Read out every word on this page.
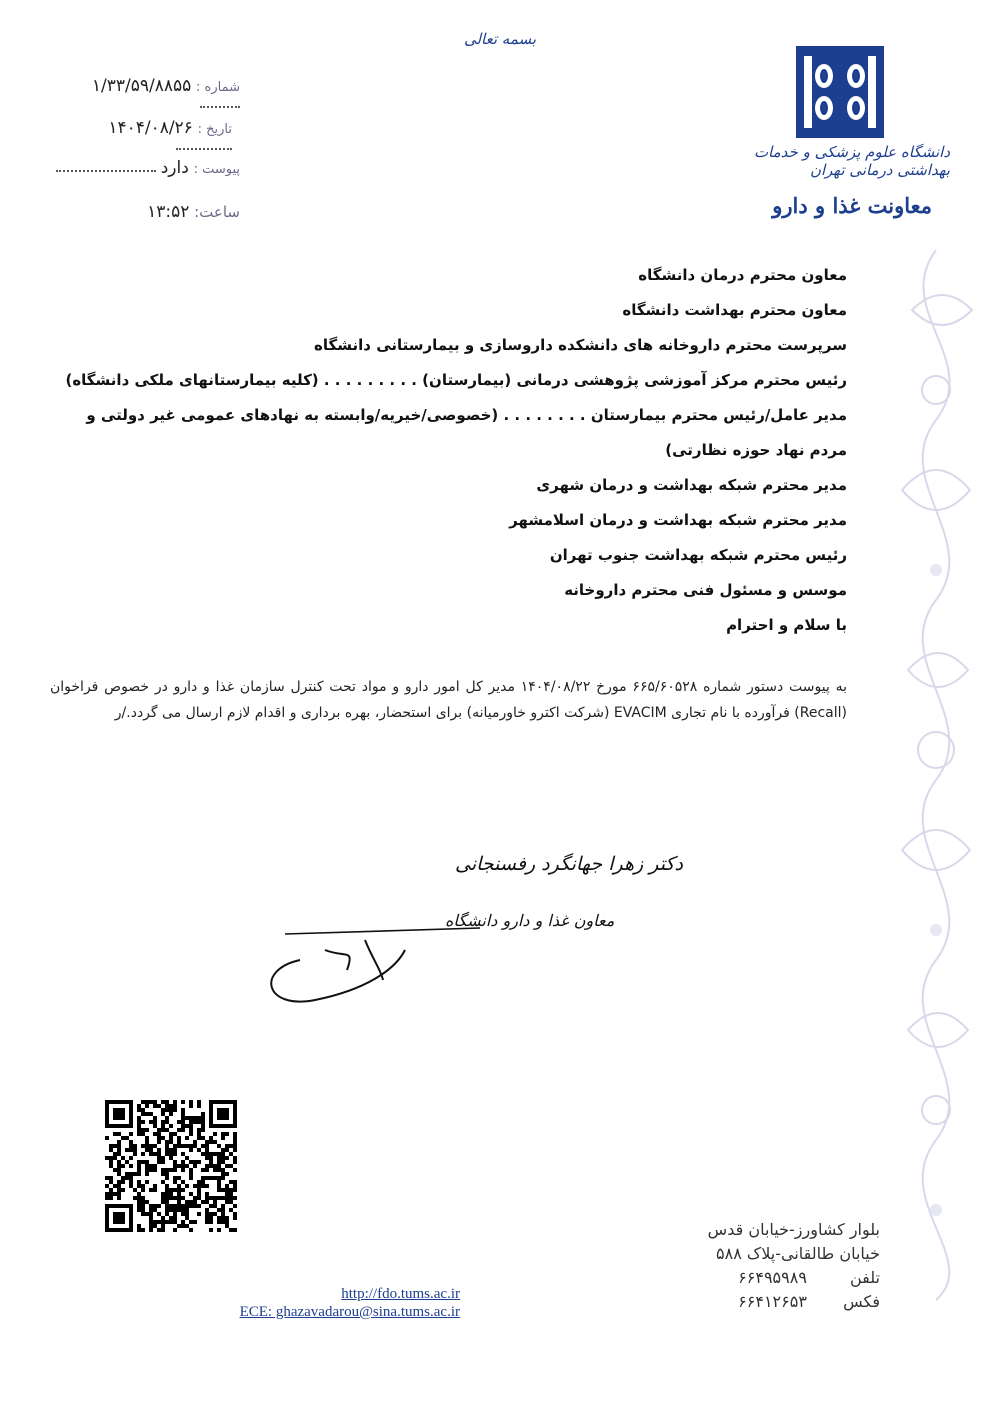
بسمه تعالی
شماره : ۱/۳۳/۵۹/۸۸۵۵
تاریخ : ۱۴۰۴/۰۸/۲۶
پیوست : دارد
ساعت: ۱۳:۵۲
دانشگاه علوم پزشکی و خدمات بهداشتی درمانی تهران
معاونت غذا و دارو
معاون محترم درمان دانشگاه
معاون محترم بهداشت دانشگاه
سرپرست محترم داروخانه های دانشکده داروسازی و بیمارستانی دانشگاه
رئیس محترم مرکز آموزشی پژوهشی درمانی (بیمارستان) . . . . . . . . . (کلیه بیمارستانهای ملکی دانشگاه)
مدیر عامل/رئیس محترم بیمارستان . . . . . . . . (خصوصی/خیریه/وابسته به نهادهای عمومی غیر دولتی و مردم نهاد حوزه نظارتی)
مدیر محترم شبکه بهداشت و درمان شهری
مدیر محترم شبکه بهداشت و درمان اسلامشهر
رئیس محترم شبکه بهداشت جنوب تهران
موسس و مسئول فنی محترم داروخانه
با سلام و احترام
به پیوست دستور شماره ۶۶۵/۶۰۵۲۸ مورخ ۱۴۰۴/۰۸/۲۲ مدیر کل امور دارو و مواد تحت کنترل سازمان غذا و دارو در خصوص فراخوان (Recall) فرآورده با نام تجاری EVACIM (شرکت اکترو خاورمیانه) برای استحضار، بهره برداری و اقدام لازم ارسال می گردد./ر
دکتر زهرا جهانگرد رفسنجانی
معاون غذا و دارو دانشگاه
بلوار کشاورز-خیابان قدس
خیابان طالقانی-پلاک ۵۸۸
تلفن ۶۶۴۹۵۹۸۹
فکس ۶۶۴۱۲۶۵۳
http://fdo.tums.ac.ir
ECE: ghazavadarou@sina.tums.ac.ir
